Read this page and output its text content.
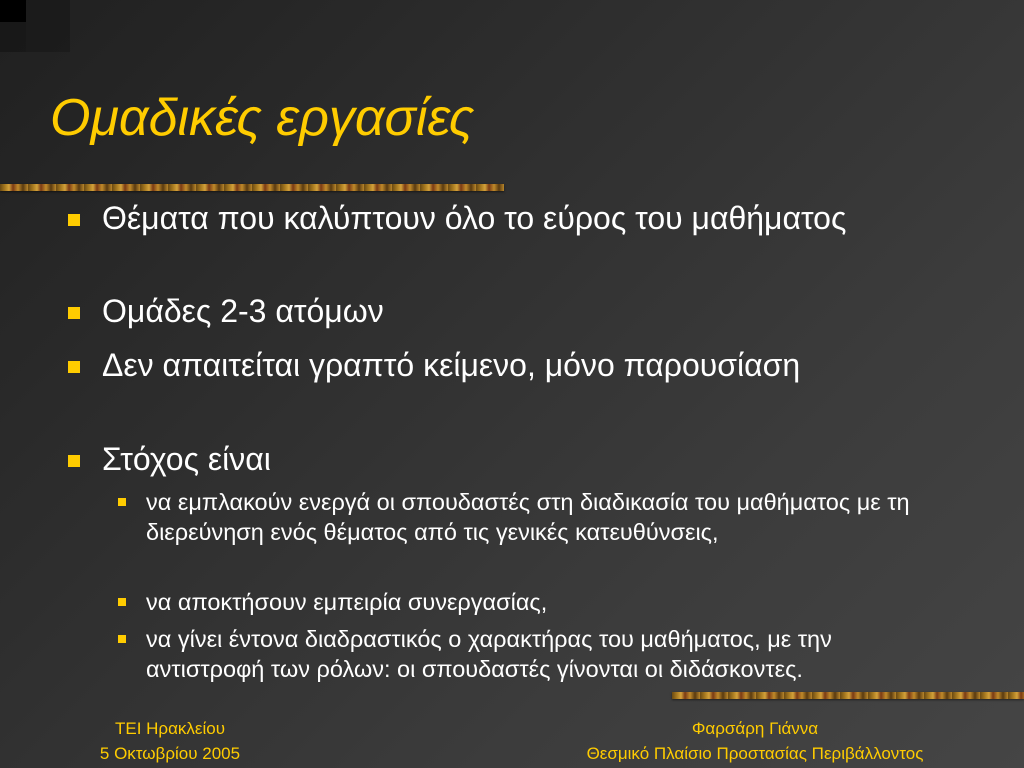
Ομαδικές εργασίες
Θέματα που καλύπτουν όλο το εύρος του μαθήματος
Ομάδες 2-3 ατόμων
Δεν απαιτείται γραπτό κείμενο, μόνο παρουσίαση
Στόχος είναι
να εμπλακούν ενεργά οι σπουδαστές στη διαδικασία του μαθήματος με τη διερεύνηση ενός θέματος από τις γενικές κατευθύνσεις,
να αποκτήσουν εμπειρία συνεργασίας,
να γίνει έντονα διαδραστικός ο χαρακτήρας του μαθήματος, με την αντιστροφή των ρόλων: οι σπουδαστές γίνονται οι διδάσκοντες.
ΤΕΙ Ηρακλείου
5 Οκτωβρίου 2005
Φαρσάρη Γιάννα
Θεσμικό Πλαίσιο Προστασίας Περιβάλλοντος
